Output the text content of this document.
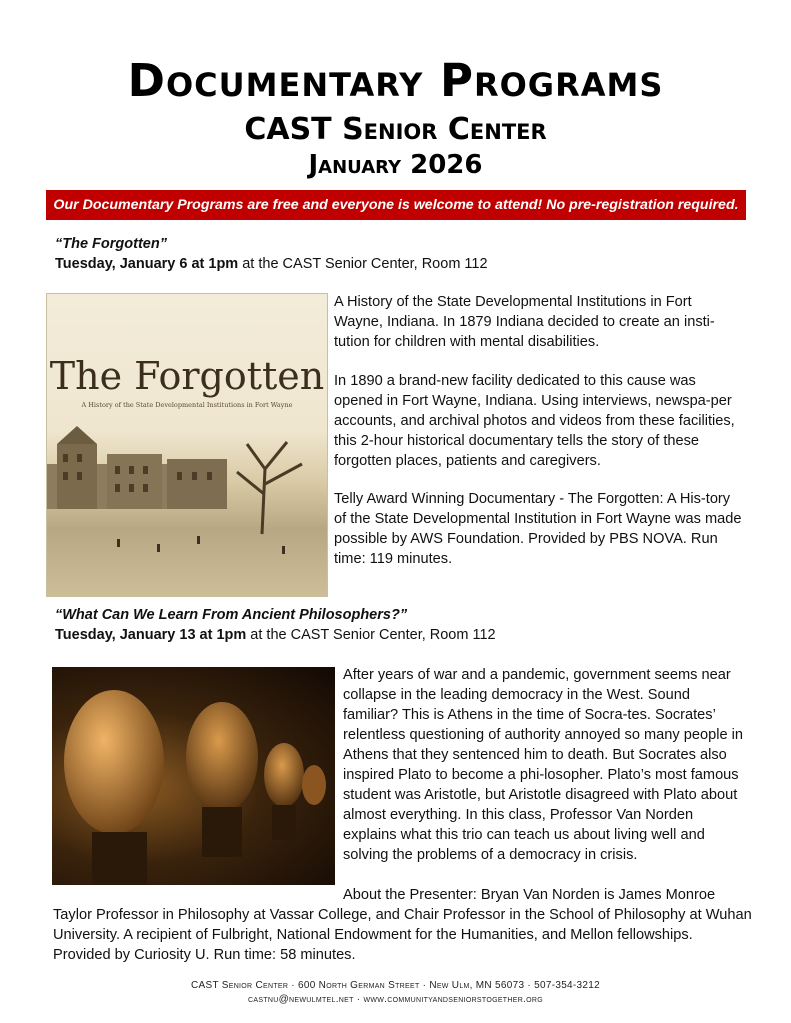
Documentary Programs
CAST Senior Center
January 2026
Our Documentary Programs are free and everyone is welcome to attend! No pre-registration required.
“The Forgotten”
Tuesday, January 6 at 1pm at the CAST Senior Center, Room 112
The Forgotten
A History of the State Developmental Institutions in Fort Wayne

A History of the State Developmental Institutions in Fort Wayne, Indiana. In 1879 Indiana decided to create an insti-tution for children with mental disabilities.

In 1890 a brand-new facility dedicated to this cause was opened in Fort Wayne, Indiana. Using interviews, newspa-per accounts, and archival photos and videos from these facilities, this 2-hour historical documentary tells the story of these forgotten places, patients and caregivers.

Telly Award Winning Documentary - The Forgotten: A His-tory of the State Developmental Institution in Fort Wayne was made possible by AWS Foundation. Provided by PBS NOVA. Run time: 119 minutes.

“What Can We Learn From Ancient Philosophers?”
Tuesday, January 13 at 1pm at the CAST Senior Center, Room 112

After years of war and a pandemic, government seems near collapse in the leading democracy in the West. Sound familiar? This is Athens in the time of Socra-tes. Socrates’ relentless questioning of authority annoyed so many people in Athens that they sentenced him to death. But Socrates also inspired Plato to become a phi-losopher. Plato’s most famous student was Aristotle, but Aristotle disagreed with Plato about almost everything. In this class, Professor Van Norden explains what this trio can teach us about living well and solving the problems of a democracy in crisis.

About the Presenter: Bryan Van Norden is James Monroe

Taylor Professor in Philosophy at Vassar College, and Chair Professor in the School of Philosophy at Wuhan University. A recipient of Fulbright, National Endowment for the Humanities, and Mellon fellowships. Provided by Curiosity U. Run time: 58 minutes.

CAST Senior Center · 600 North German Street · New Ulm, MN 56073 · 507-354-3212
castnu@newulmtel.net · www.communityandseniorstogether.org
